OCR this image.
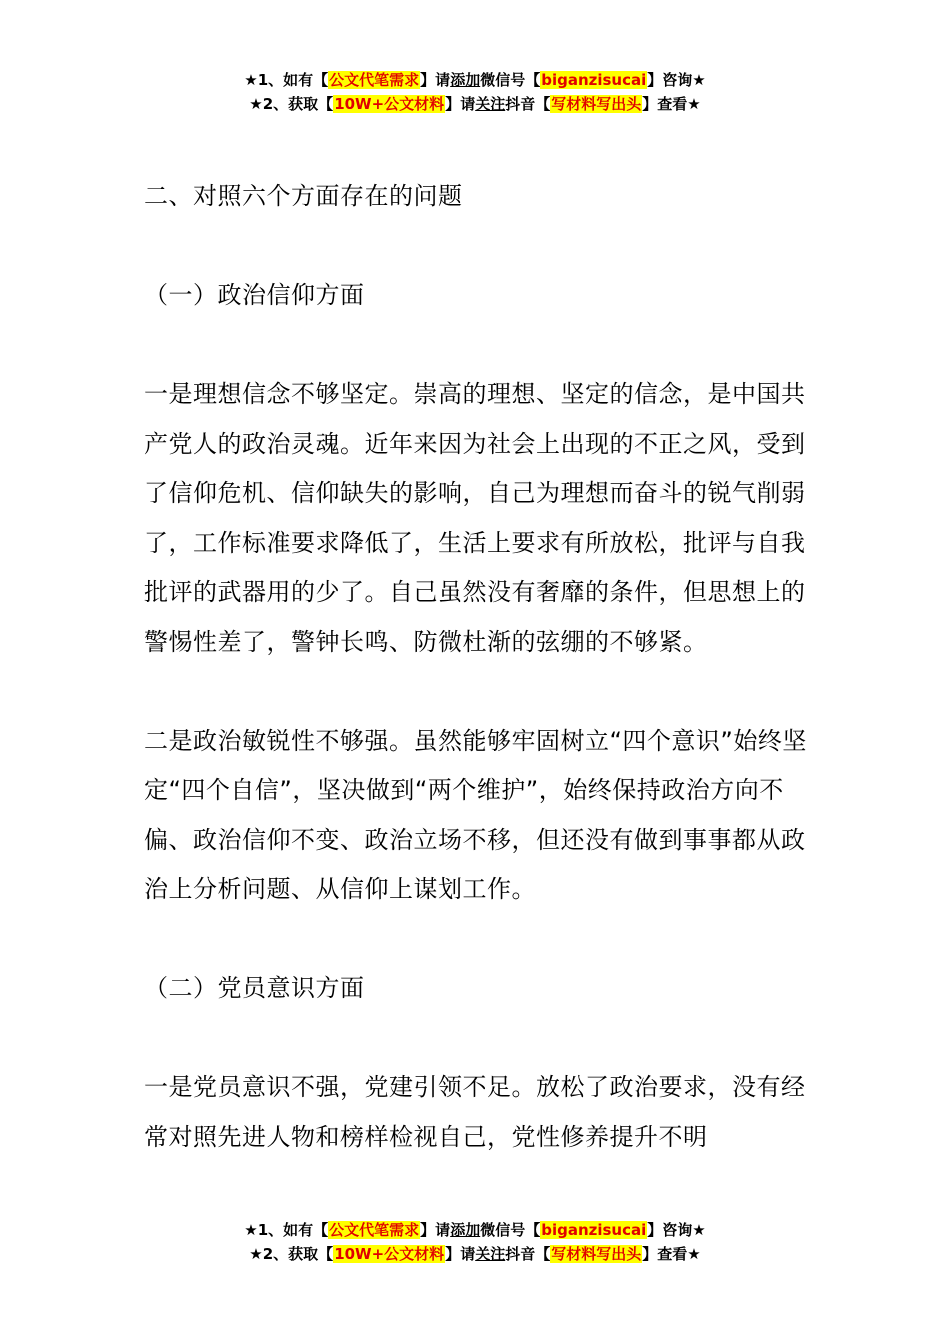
★1、如有【公文代笔需求】请添加微信号【biganzisucai】咨询★
★2、获取【10W+公文材料】请关注抖音【写材料写出头】查看★

二、对照六个方面存在的问题

（一）政治信仰方面

一是理想信念不够坚定。崇高的理想、坚定的信念，是中国共产党人的政治灵魂。近年来因为社会上出现的不正之风，受到了信仰危机、信仰缺失的影响，自己为理想而奋斗的锐气削弱了，工作标准要求降低了，生活上要求有所放松，批评与自我批评的武器用的少了。自己虽然没有奢靡的条件，但思想上的警惕性差了，警钟长鸣、防微杜渐的弦绷的不够紧。

二是政治敏锐性不够强。虽然能够牢固树立“四个意识”始终坚定“四个自信”，坚决做到“两个维护”，始终保持政治方向不偏、政治信仰不变、政治立场不移，但还没有做到事事都从政治上分析问题、从信仰上谋划工作。

（二）党员意识方面

一是党员意识不强，党建引领不足。放松了政治要求，没有经常对照先进人物和榜样检视自己，党性修养提升不明

★1、如有【公文代笔需求】请添加微信号【biganzisucai】咨询★
★2、获取【10W+公文材料】请关注抖音【写材料写出头】查看★
